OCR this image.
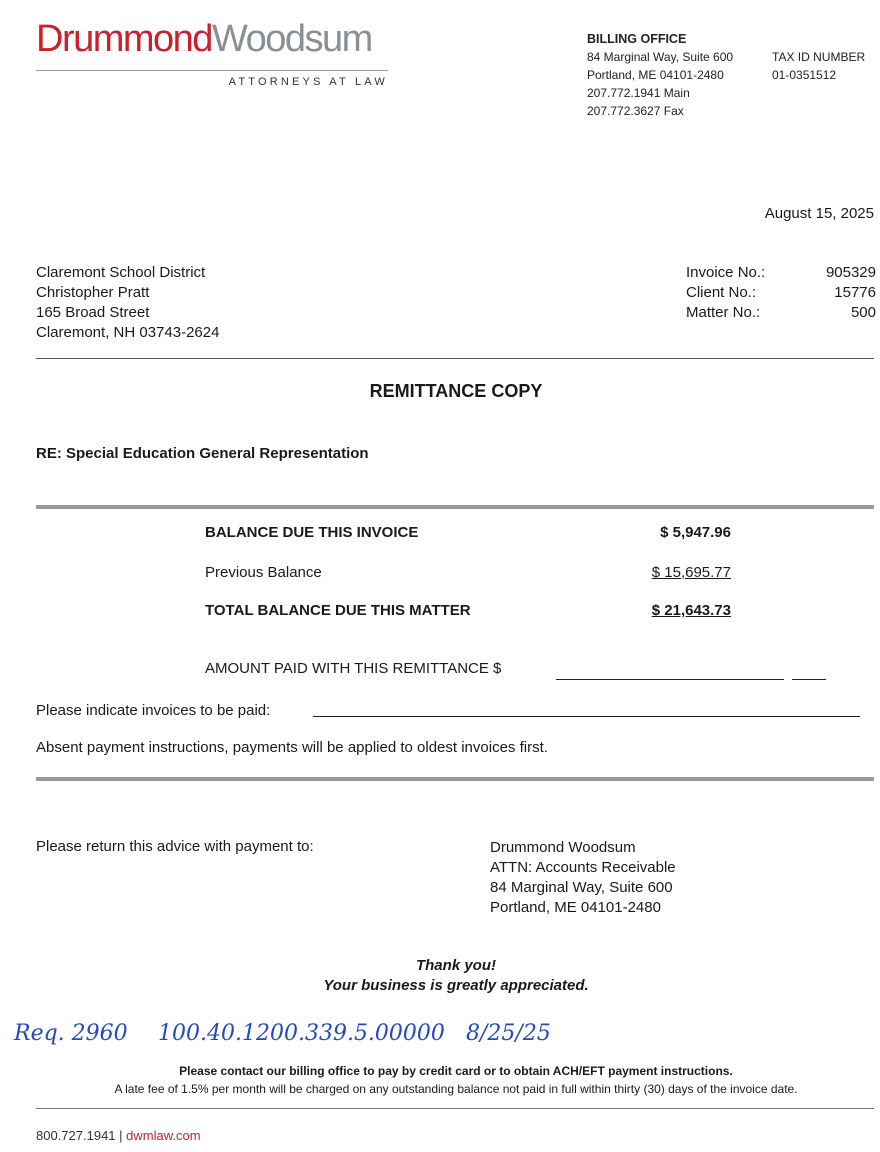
DrummondWoodsum
ATTORNEYS AT LAW
BILLING OFFICE
84 Marginal Way, Suite 600
Portland, ME 04101-2480
207.772.1941 Main
207.772.3627 Fax
TAX ID NUMBER
01-0351512
August 15, 2025
Claremont School District
Christopher Pratt
165 Broad Street
Claremont, NH 03743-2624
Invoice No.:	905329
Client No.:	15776
Matter No.:	500
REMITTANCE COPY
RE: Special Education General Representation
BALANCE DUE THIS INVOICE	$ 5,947.96
Previous Balance	$ 15,695.77
TOTAL BALANCE DUE THIS MATTER	$ 21,643.73
AMOUNT PAID WITH THIS REMITTANCE $
Please indicate invoices to be paid:
Absent payment instructions, payments will be applied to oldest invoices first.
Please return this advice with payment to:	Drummond Woodsum
ATTN: Accounts Receivable
84 Marginal Way, Suite 600
Portland, ME 04101-2480
Thank you!
Your business is greatly appreciated.
Req. 2960 100.40.1200.339.5.00000 8/25/25
Please contact our billing office to pay by credit card or to obtain ACH/EFT payment instructions.
A late fee of 1.5% per month will be charged on any outstanding balance not paid in full within thirty (30) days of the invoice date.
800.727.1941 | dwmlaw.com
